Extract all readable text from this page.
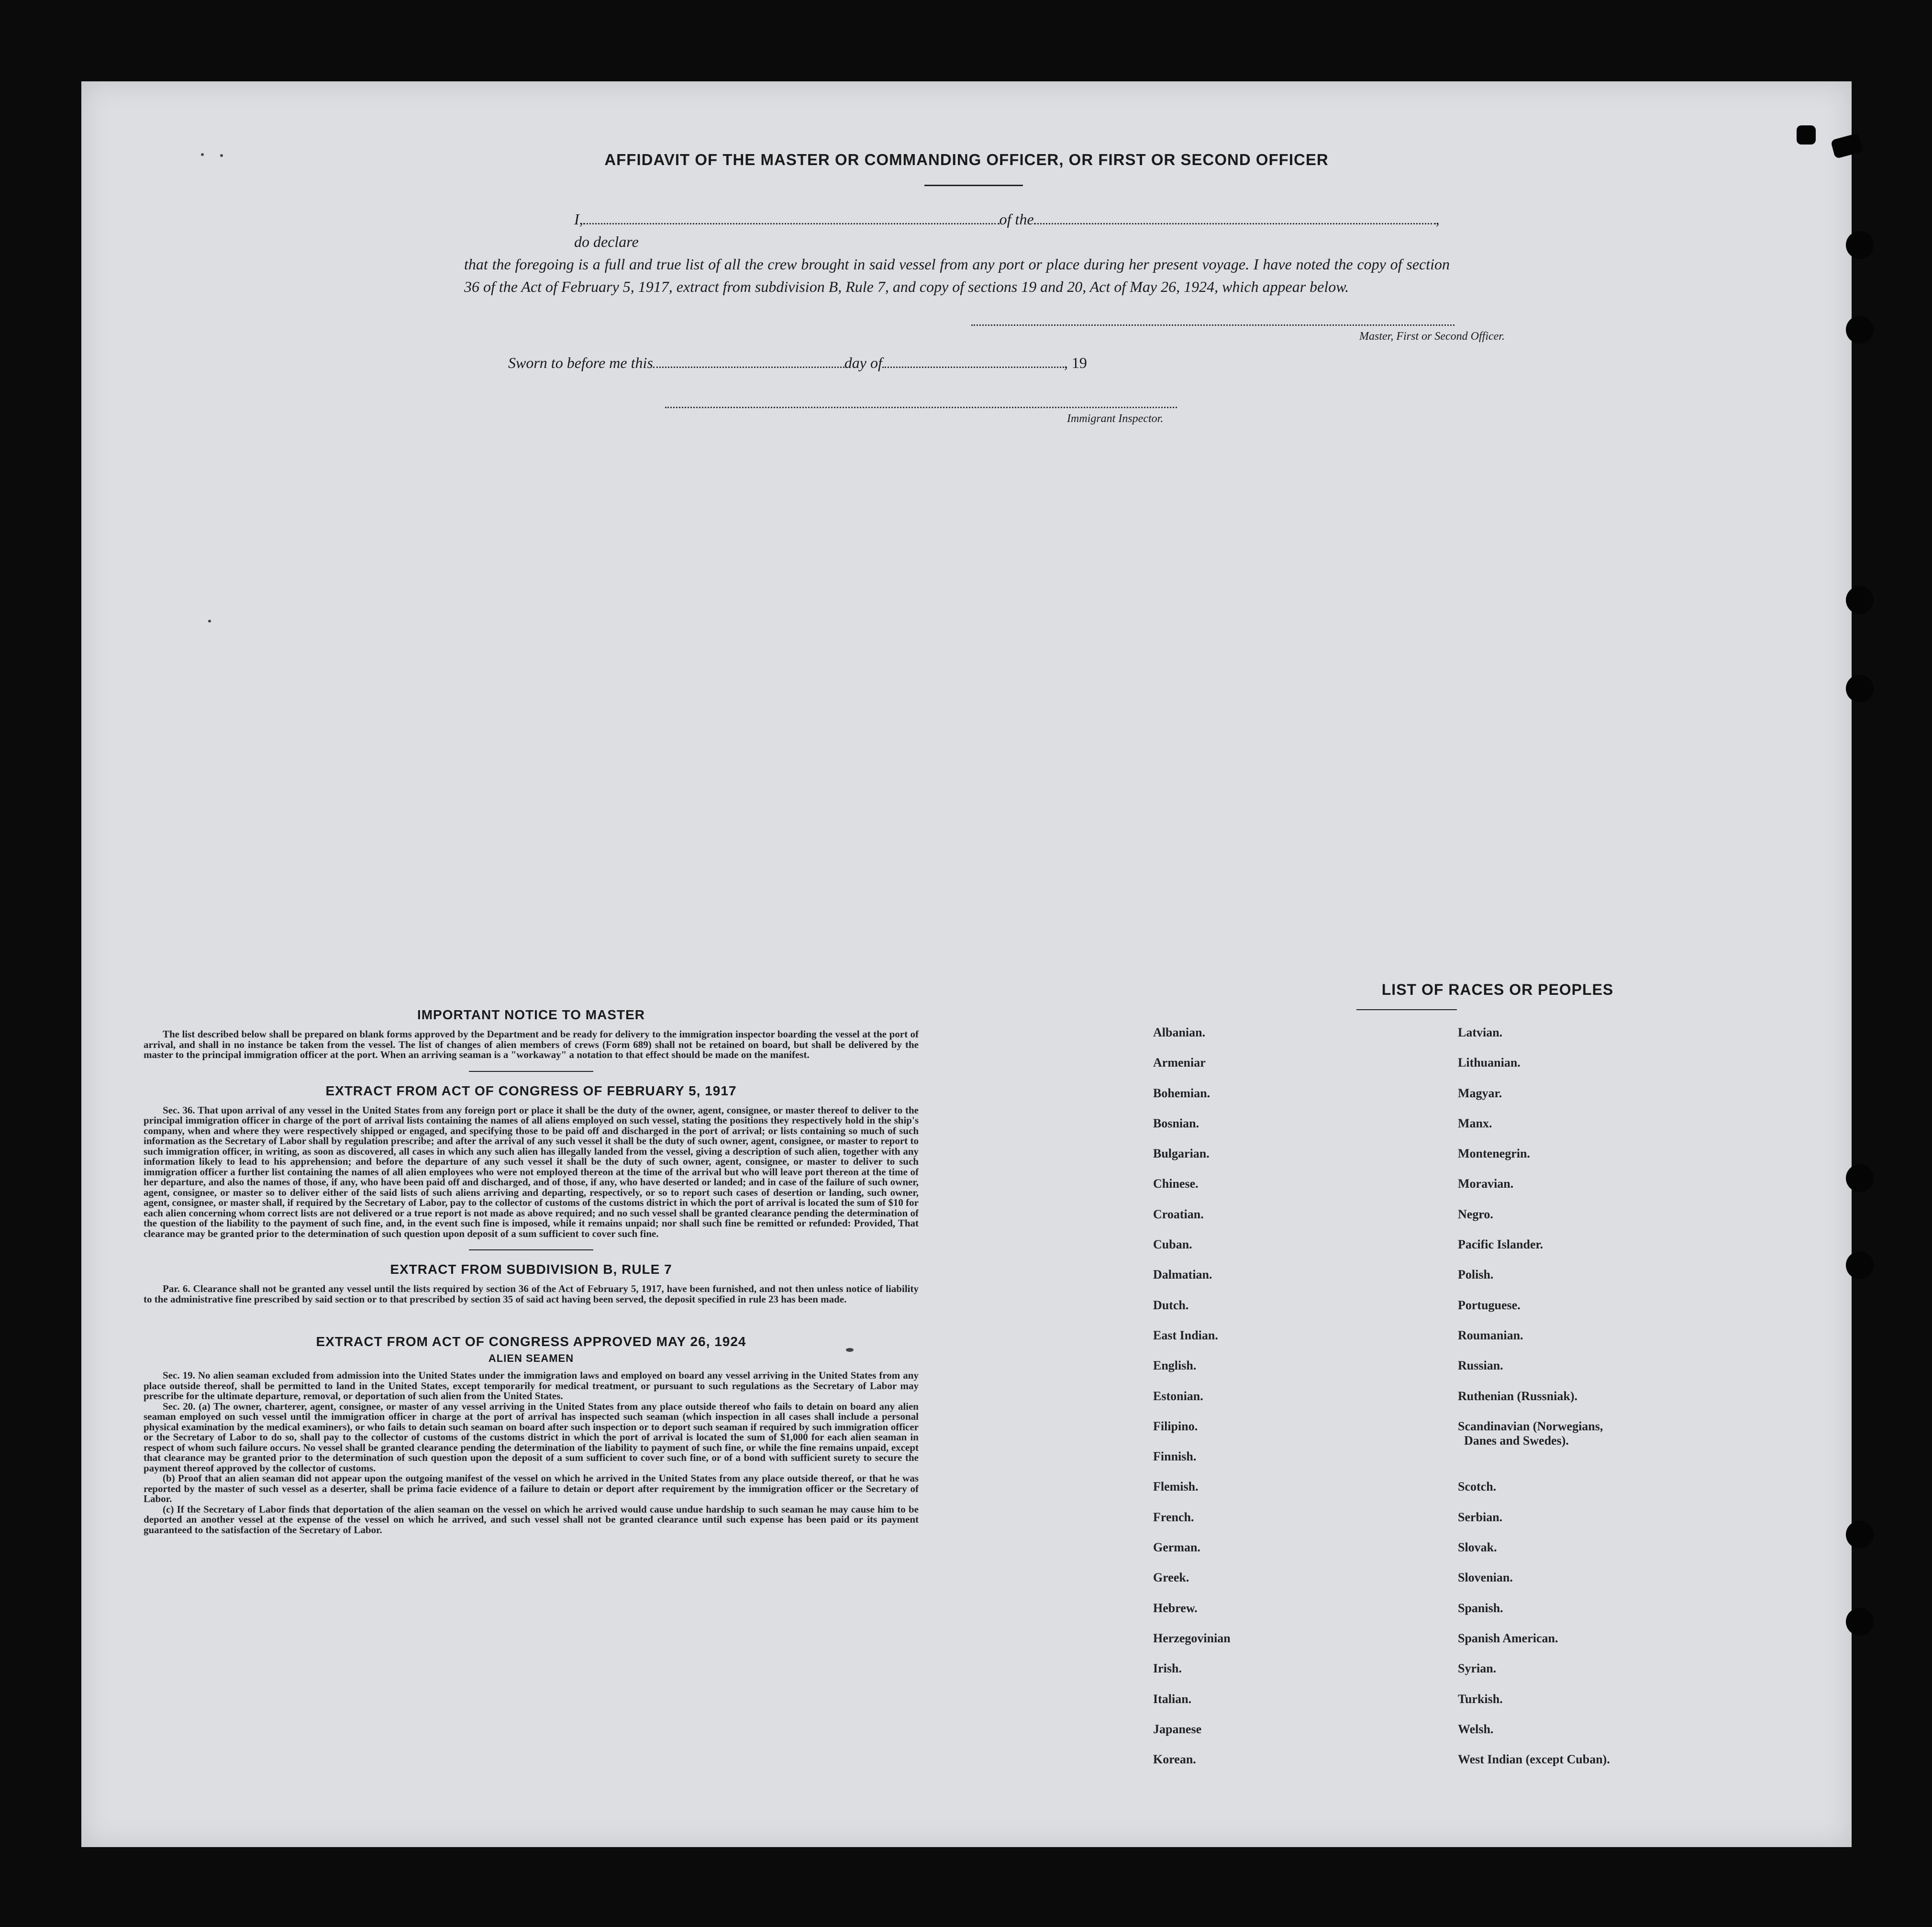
AFFIDAVIT OF THE MASTER OR COMMANDING OFFICER, OR FIRST OR SECOND OFFICER
I,	of the	, do declare
that the foregoing is a full and true list of all the crew brought in said vessel from any port or place during her present voyage. I have noted the copy of section 36 of the Act of February 5, 1917, extract from subdivision B, Rule 7, and copy of sections 19 and 20, Act of May 26, 1924, which appear below.
Master, First or Second Officer.
Sworn to before me this	day of	, 19
Immigrant Inspector.
IMPORTANT NOTICE TO MASTER

The list described below shall be prepared on blank forms approved by the Department and be ready for delivery to the immigration inspector boarding the vessel at the port of arrival, and shall in no instance be taken from the vessel. The list of changes of alien members of crews (Form 689) shall not be retained on board, but shall be delivered by the master to the principal immigration officer at the port. When an arriving seaman is a "workaway" a notation to that effect should be made on the manifest.

EXTRACT FROM ACT OF CONGRESS OF FEBRUARY 5, 1917

Sec. 36. That upon arrival of any vessel in the United States from any foreign port or place it shall be the duty of the owner, agent, consignee, or master thereof to deliver to the principal immigration officer in charge of the port of arrival lists containing the names of all aliens employed on such vessel, stating the positions they respectively hold in the ship's company, when and where they were respectively shipped or engaged, and specifying those to be paid off and discharged in the port of arrival; or lists containing so much of such information as the Secretary of Labor shall by regulation prescribe; and after the arrival of any such vessel it shall be the duty of such owner, agent, consignee, or master to report to such immigration officer, in writing, as soon as discovered, all cases in which any such alien has illegally landed from the vessel, giving a description of such alien, together with any information likely to lead to his apprehension; and before the departure of any such vessel it shall be the duty of such owner, agent, consignee, or master to deliver to such immigration officer a further list containing the names of all alien employees who were not employed thereon at the time of the arrival but who will leave port thereon at the time of her departure, and also the names of those, if any, who have been paid off and discharged, and of those, if any, who have deserted or landed; and in case of the failure of such owner, agent, consignee, or master so to deliver either of the said lists of such aliens arriving and departing, respectively, or so to report such cases of desertion or landing, such owner, agent, consignee, or master shall, if required by the Secretary of Labor, pay to the collector of customs of the customs district in which the port of arrival is located the sum of $10 for each alien concerning whom correct lists are not delivered or a true report is not made as above required; and no such vessel shall be granted clearance pending the determination of the question of the liability to the payment of such fine, and, in the event such fine is imposed, while it remains unpaid; nor shall such fine be remitted or refunded: Provided, That clearance may be granted prior to the determination of such question upon deposit of a sum sufficient to cover such fine.

EXTRACT FROM SUBDIVISION B, RULE 7

Par. 6. Clearance shall not be granted any vessel until the lists required by section 36 of the Act of February 5, 1917, have been furnished, and not then unless notice of liability to the administrative fine prescribed by said section or to that prescribed by section 35 of said act having been served, the deposit specified in rule 23 has been made.

EXTRACT FROM ACT OF CONGRESS APPROVED MAY 26, 1924
ALIEN SEAMEN

Sec. 19. No alien seaman excluded from admission into the United States under the immigration laws and employed on board any vessel arriving in the United States from any place outside thereof, shall be permitted to land in the United States, except temporarily for medical treatment, or pursuant to such regulations as the Secretary of Labor may prescribe for the ultimate departure, removal, or deportation of such alien from the United States.

Sec. 20. (a) The owner, charterer, agent, consignee, or master of any vessel arriving in the United States from any place outside thereof who fails to detain on board any alien seaman employed on such vessel until the immigration officer in charge at the port of arrival has inspected such seaman (which inspection in all cases shall include a personal physical examination by the medical examiners), or who fails to detain such seaman on board after such inspection or to deport such seaman if required by such immigration officer or the Secretary of Labor to do so, shall pay to the collector of customs of the customs district in which the port of arrival is located the sum of $1,000 for each alien seaman in respect of whom such failure occurs. No vessel shall be granted clearance pending the determination of the liability to payment of such fine, or while the fine remains unpaid, except that clearance may be granted prior to the determination of such question upon the deposit of a sum sufficient to cover such fine, or of a bond with sufficient surety to secure the payment thereof approved by the collector of customs.

(b) Proof that an alien seaman did not appear upon the outgoing manifest of the vessel on which he arrived in the United States from any place outside thereof, or that he was reported by the master of such vessel as a deserter, shall be prima facie evidence of a failure to detain or deport after requirement by the immigration officer or the Secretary of Labor.

(c) If the Secretary of Labor finds that deportation of the alien seaman on the vessel on which he arrived would cause undue hardship to such seaman he may cause him to be deported an another vessel at the expense of the vessel on which he arrived, and such vessel shall not be granted clearance until such expense has been paid or its payment guaranteed to the satisfaction of the Secretary of Labor.

LIST OF RACES OR PEOPLES
Albanian.
Armeniar
Bohemian.
Bosnian.
Bulgarian.
Chinese.
Croatian.
Cuban.
Dalmatian.
Dutch.
East Indian.
English.
Estonian.
Filipino.
Finnish.
Flemish.
French.
German.
Greek.
Hebrew.
Herzegovinian
Irish.
Italian.
Japanese
Korean.
Latvian.
Lithuanian.
Magyar.
Manx.
Montenegrin.
Moravian.
Negro.
Pacific Islander.
Polish.
Portuguese.
Roumanian.
Russian.
Ruthenian (Russniak).
Scandinavian (Norwegians,
Danes and Swedes).
Scotch.
Serbian.
Slovak.
Slovenian.
Spanish.
Spanish American.
Syrian.
Turkish.
Welsh.
West Indian (except Cuban).
